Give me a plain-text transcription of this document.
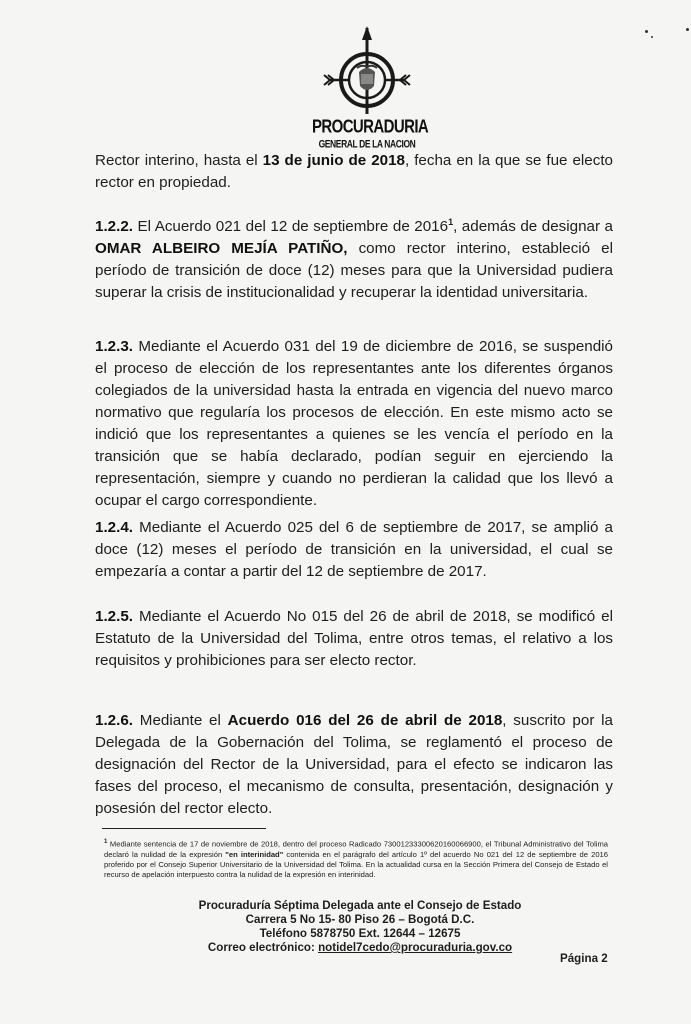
PROCURADURIA
GENERAL DE LA NACION
Rector interino, hasta el 13 de junio de 2018, fecha en la que se fue electo rector en propiedad.
1.2.2. El Acuerdo 021 del 12 de septiembre de 2016$^1$, además de designar a OMAR ALBEIRO MEJÍA PATIÑO, como rector interino, estableció el período de transición de doce (12) meses para que la Universidad pudiera superar la crisis de institucionalidad y recuperar la identidad universitaria.
1.2.3. Mediante el Acuerdo 031 del 19 de diciembre de 2016, se suspendió el proceso de elección de los representantes ante los diferentes órganos colegiados de la universidad hasta la entrada en vigencia del nuevo marco normativo que regularía los procesos de elección. En este mismo acto se indició que los representantes a quienes se les vencía el período en la transición que se había declarado, podían seguir en ejerciendo la representación, siempre y cuando no perdieran la calidad que los llevó a ocupar el cargo correspondiente.
1.2.4. Mediante el Acuerdo 025 del 6 de septiembre de 2017, se amplió a doce (12) meses el período de transición en la universidad, el cual se empezaría a contar a partir del 12 de septiembre de 2017.
1.2.5. Mediante el Acuerdo No 015 del 26 de abril de 2018, se modificó el Estatuto de la Universidad del Tolima, entre otros temas, el relativo a los requisitos y prohibiciones para ser electo rector.
1.2.6. Mediante el Acuerdo 016 del 26 de abril de 2018, suscrito por la Delegada de la Gobernación del Tolima, se reglamentó el proceso de designación del Rector de la Universidad, para el efecto se indicaron las fases del proceso, el mecanismo de consulta, presentación, designación y posesión del rector electo.
$^1$ Mediante sentencia de 17 de noviembre de 2018, dentro del proceso Radicado 73001233300620160066900, el Tribunal Administrativo del Tolima declaró la nulidad de la expresión "en interinidad" contenida en el parágrafo del artículo 1º del acuerdo No 021 del 12 de septiembre de 2016 proferido por el Consejo Superior Universitario de la Universidad del Tolima. En la actualidad cursa en la Sección Primera del Consejo de Estado el recurso de apelación interpuesto contra la nulidad de la expresión en interinidad.
Procuraduría Séptima Delegada ante el Consejo de Estado
Carrera 5 No 15- 80 Piso 26 – Bogotá D.C.
Teléfono 5878750 Ext. 12644 – 12675
Correo electrónico: notidel7cedo@procuraduria.gov.co
Página 2
